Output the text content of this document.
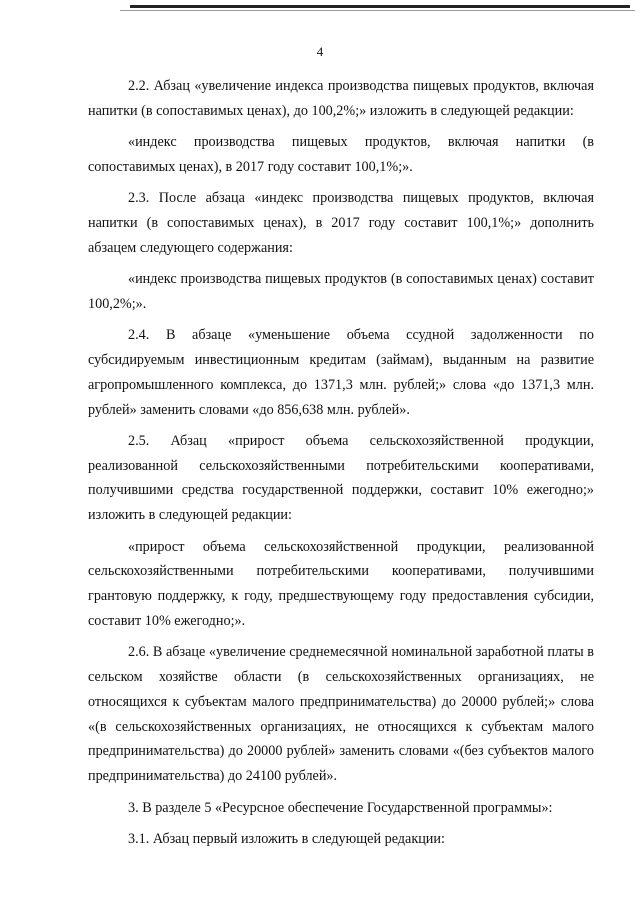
4

2.2. Абзац «увеличение индекса производства пищевых продуктов, включая напитки (в сопоставимых ценах), до 100,2%;» изложить в следующей редакции:

«индекс производства пищевых продуктов, включая напитки (в сопоставимых ценах), в 2017 году составит 100,1%;».

2.3. После абзаца «индекс производства пищевых продуктов, включая напитки (в сопоставимых ценах), в 2017 году составит 100,1%;» дополнить абзацем следующего содержания:

«индекс производства пищевых продуктов (в сопоставимых ценах) составит 100,2%;».

2.4. В абзаце «уменьшение объема ссудной задолженности по субсидируемым инвестиционным кредитам (займам), выданным на развитие агропромышленного комплекса, до 1371,3 млн. рублей;» слова «до 1371,3 млн. рублей» заменить словами «до 856,638 млн. рублей».

2.5. Абзац «прирост объема сельскохозяйственной продукции, реализованной сельскохозяйственными потребительскими кооперативами, получившими средства государственной поддержки, составит 10% ежегодно;» изложить в следующей редакции:

«прирост объема сельскохозяйственной продукции, реализованной сельскохозяйственными потребительскими кооперативами, получившими грантовую поддержку, к году, предшествующему году предоставления субсидии, составит 10% ежегодно;».

2.6. В абзаце «увеличение среднемесячной номинальной заработной платы в сельском хозяйстве области (в сельскохозяйственных организациях, не относящихся к субъектам малого предпринимательства) до 20000 рублей;» слова «(в сельскохозяйственных организациях, не относящихся к субъектам малого предпринимательства) до 20000 рублей» заменить словами «(без субъектов малого предпринимательства) до 24100 рублей».

3. В разделе 5 «Ресурсное обеспечение Государственной программы»:

3.1. Абзац первый изложить в следующей редакции:
